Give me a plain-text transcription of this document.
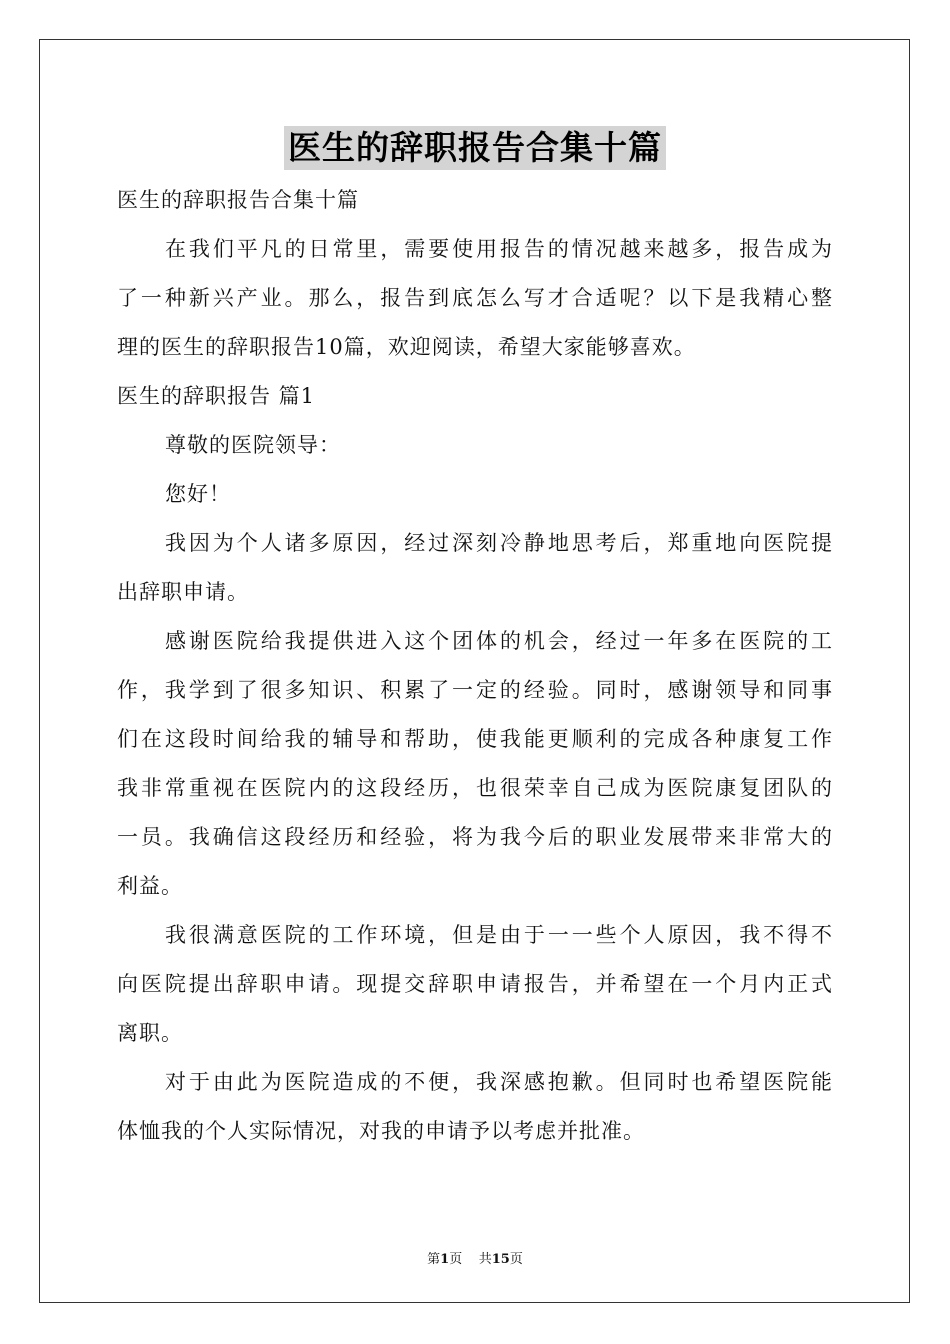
医生的辞职报告合集十篇
医生的辞职报告合集十篇
在我们平凡的日常里，需要使用报告的情况越来越多，报告成为
了一种新兴产业。那么，报告到底怎么写才合适呢？以下是我精心整
理的医生的辞职报告10篇，欢迎阅读，希望大家能够喜欢。
医生的辞职报告 篇1
尊敬的医院领导：
您好！
我因为个人诸多原因，经过深刻冷静地思考后，郑重地向医院提
出辞职申请。
感谢医院给我提供进入这个团体的机会，经过一年多在医院的工
作，我学到了很多知识、积累了一定的经验。同时，感谢领导和同事
们在这段时间给我的辅导和帮助，使我能更顺利的完成各种康复工作
我非常重视在医院内的这段经历，也很荣幸自己成为医院康复团队的
一员。我确信这段经历和经验，将为我今后的职业发展带来非常大的
利益。
我很满意医院的工作环境，但是由于一一些个人原因，我不得不
向医院提出辞职申请。现提交辞职申请报告，并希望在一个月内正式
离职。
对于由此为医院造成的不便，我深感抱歉。但同时也希望医院能
体恤我的个人实际情况，对我的申请予以考虑并批准。
第1页 共15页
